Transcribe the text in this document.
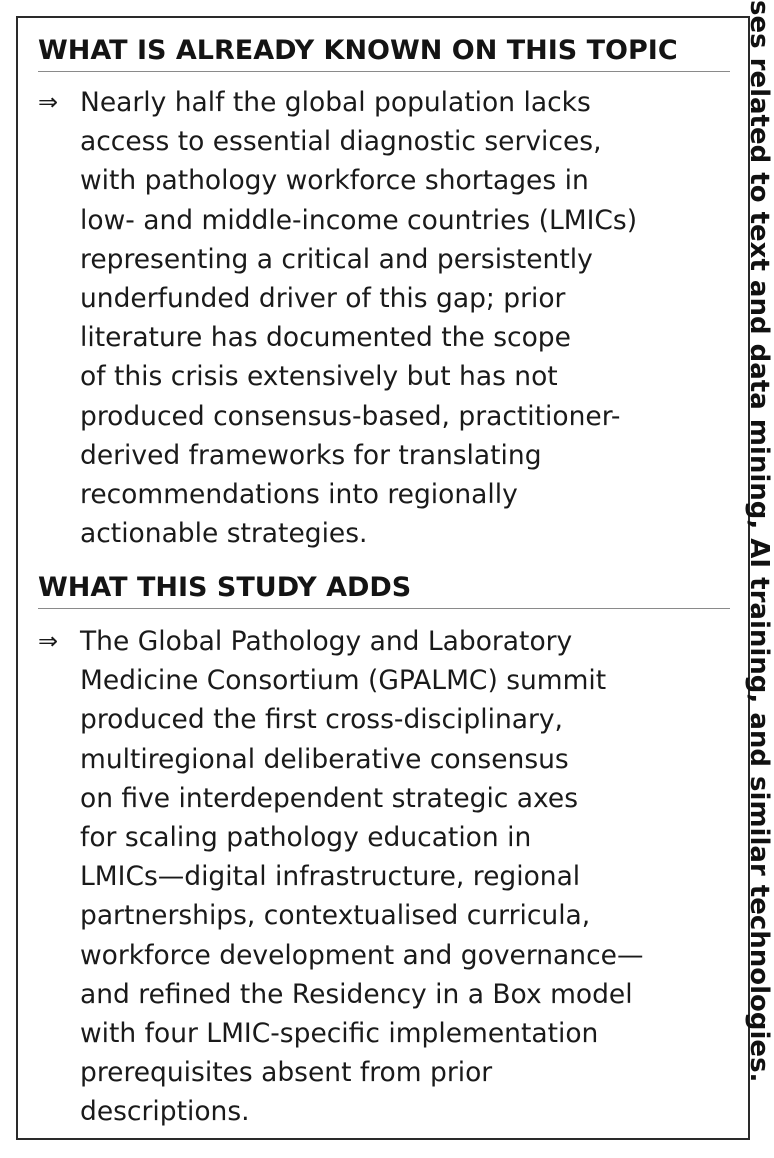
WHAT IS ALREADY KNOWN ON THIS TOPIC
⇒ Nearly half the global population lacks
access to essential diagnostic services,
with pathology workforce shortages in
low- and middle-income countries (LMICs)
representing a critical and persistently
underfunded driver of this gap; prior
literature has documented the scope
of this crisis extensively but has not
produced consensus-based, practitioner-
derived frameworks for translating
recommendations into regionally
actionable strategies.

WHAT THIS STUDY ADDS
⇒ The Global Pathology and Laboratory
Medicine Consortium (GPALMC) summit
produced the first cross-disciplinary,
multiregional deliberative consensus
on five interdependent strategic axes
for scaling pathology education in
LMICs—digital infrastructure, regional
partnerships, contextualised curricula,
workforce development and governance—
and refined the Residency in a Box model
with four LMIC-specific implementation
prerequisites absent from prior
descriptions.

ses related to text and data mining, AI training, and similar technologies.
